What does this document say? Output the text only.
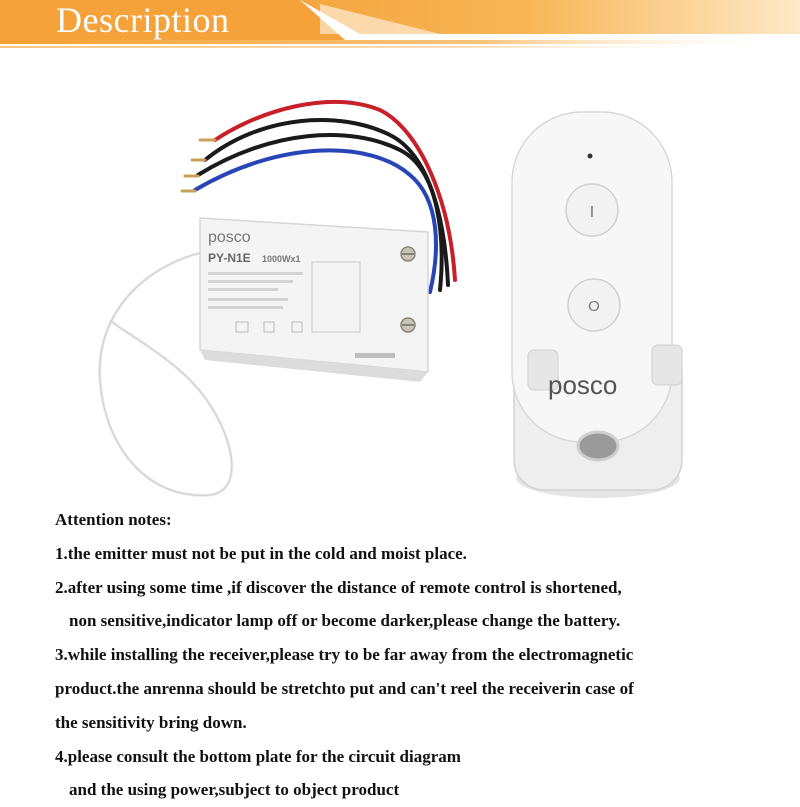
Description
posco
PY-N1E 1000Wx1
I
O
posco
Attention notes:
1.the emitter must not be put in the cold and moist place.
2.after using some time ,if discover the distance of remote control is shortened,
non sensitive,indicator lamp off or become darker,please change the battery.
3.while installing the receiver,please try to be far away from the electromagnetic
product.the anrenna should be stretchto put and can't reel the receiverin case of
the sensitivity bring down.
4.please consult the bottom plate for the circuit diagram
and the using power,subject to object product
